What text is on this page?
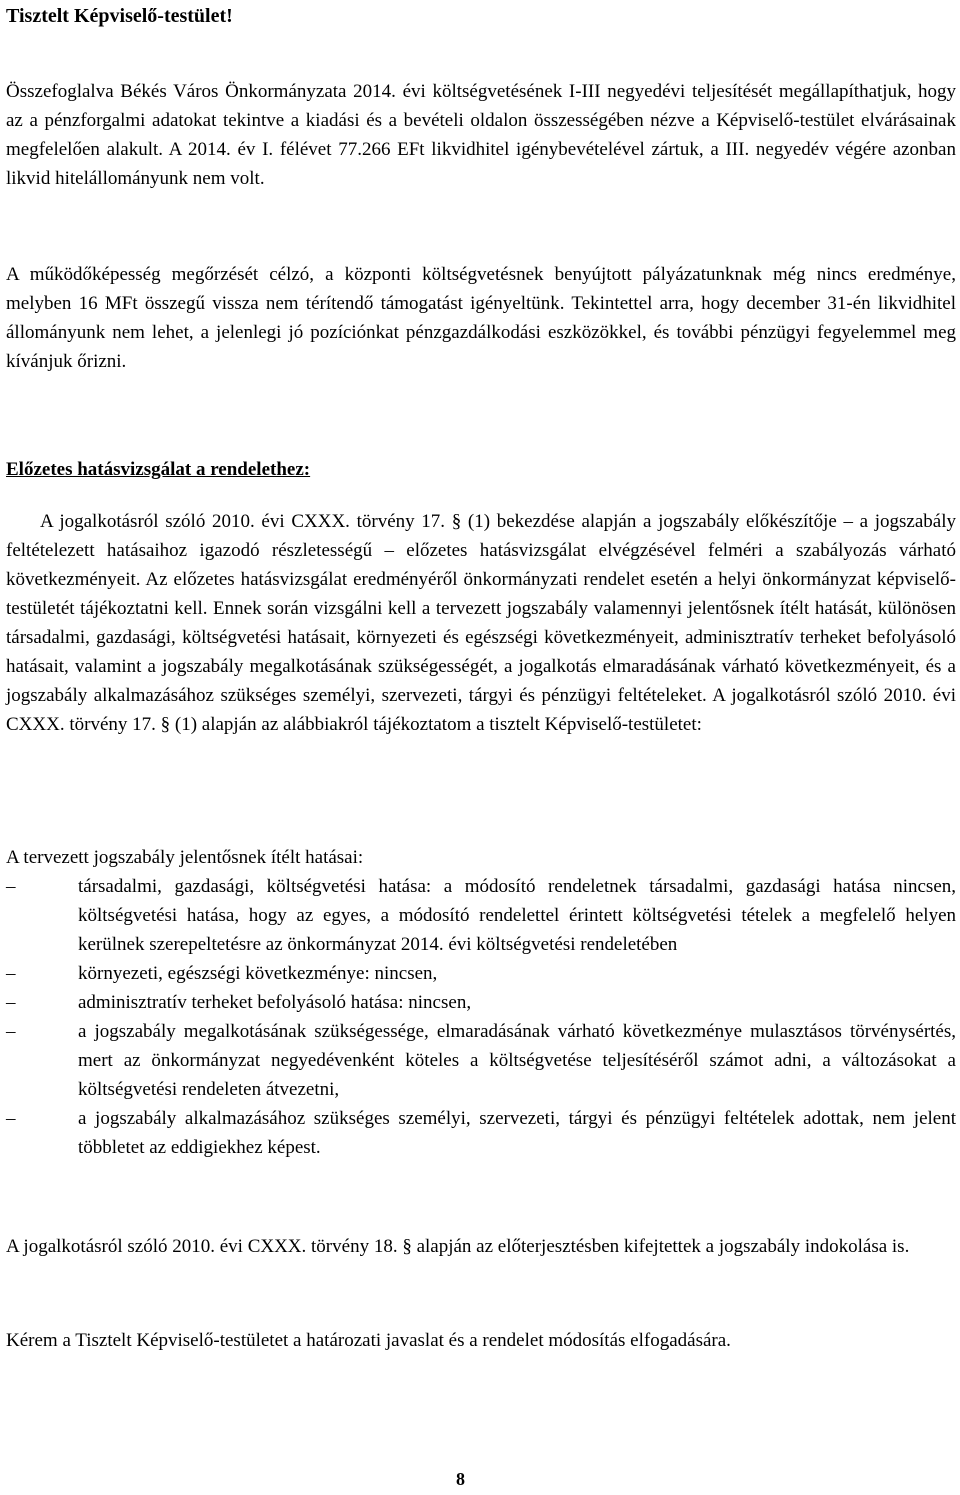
Tisztelt Képviselő-testület!

Összefoglalva Békés Város Önkormányzata 2014. évi költségvetésének I-III negyedévi teljesítését megállapíthatjuk, hogy az a pénzforgalmi adatokat tekintve a kiadási és a bevételi oldalon összességében nézve a Képviselő-testület elvárásainak megfelelően alakult. A 2014. év I. félévet 77.266 EFt likvidhitel igénybevételével zártuk, a III. negyedév végére azonban likvid hitelállományunk nem volt.

A működőképesség megőrzését célzó, a központi költségvetésnek benyújtott pályázatunknak még nincs eredménye, melyben 16 MFt összegű vissza nem térítendő támogatást igényeltünk. Tekintettel arra, hogy december 31-én likvidhitel állományunk nem lehet, a jelenlegi jó pozíciónkat pénzgazdálkodási eszközökkel, és további pénzügyi fegyelemmel meg kívánjuk őrizni.

Előzetes hatásvizsgálat a rendelethez:

A jogalkotásról szóló 2010. évi CXXX. törvény 17. § (1) bekezdése alapján a jogszabály előkészítője – a jogszabály feltételezett hatásaihoz igazodó részletességű – előzetes hatásvizsgálat elvégzésével felméri a szabályozás várható következményeit. Az előzetes hatásvizsgálat eredményéről önkormányzati rendelet esetén a helyi önkormányzat képviselő-testületét tájékoztatni kell. Ennek során vizsgálni kell a tervezett jogszabály valamennyi jelentősnek ítélt hatását, különösen társadalmi, gazdasági, költségvetési hatásait, környezeti és egészségi következményeit, adminisztratív terheket befolyásoló hatásait, valamint a jogszabály megalkotásának szükségességét, a jogalkotás elmaradásának várható következményeit, és a jogszabály alkalmazásához szükséges személyi, szervezeti, tárgyi és pénzügyi feltételeket. A jogalkotásról szóló 2010. évi CXXX. törvény 17. § (1) alapján az alábbiakról tájékoztatom a tisztelt Képviselő-testületet:

A tervezett jogszabály jelentősnek ítélt hatásai:
–	társadalmi, gazdasági, költségvetési hatása: a módosító rendeletnek társadalmi, gazdasági hatása nincsen, költségvetési hatása, hogy az egyes, a módosító rendelettel érintett költségvetési tételek a megfelelő helyen kerülnek szerepeltetésre az önkormányzat 2014. évi költségvetési rendeletében
–	környezeti, egészségi következménye: nincsen,
–	adminisztratív terheket befolyásoló hatása: nincsen,
–	a jogszabály megalkotásának szükségessége, elmaradásának várható következménye mulasztásos törvénysértés, mert az önkormányzat negyedévenként köteles a költségvetése teljesítéséről számot adni, a változásokat a költségvetési rendeleten átvezetni,
–	a jogszabály alkalmazásához szükséges személyi, szervezeti, tárgyi és pénzügyi feltételek adottak, nem jelent többletet az eddigiekhez képest.

A jogalkotásról szóló 2010. évi CXXX. törvény 18. § alapján az előterjesztésben kifejtettek a jogszabály indokolása is.

Kérem a Tisztelt Képviselő-testületet a határozati javaslat és a rendelet módosítás elfogadására.

8
